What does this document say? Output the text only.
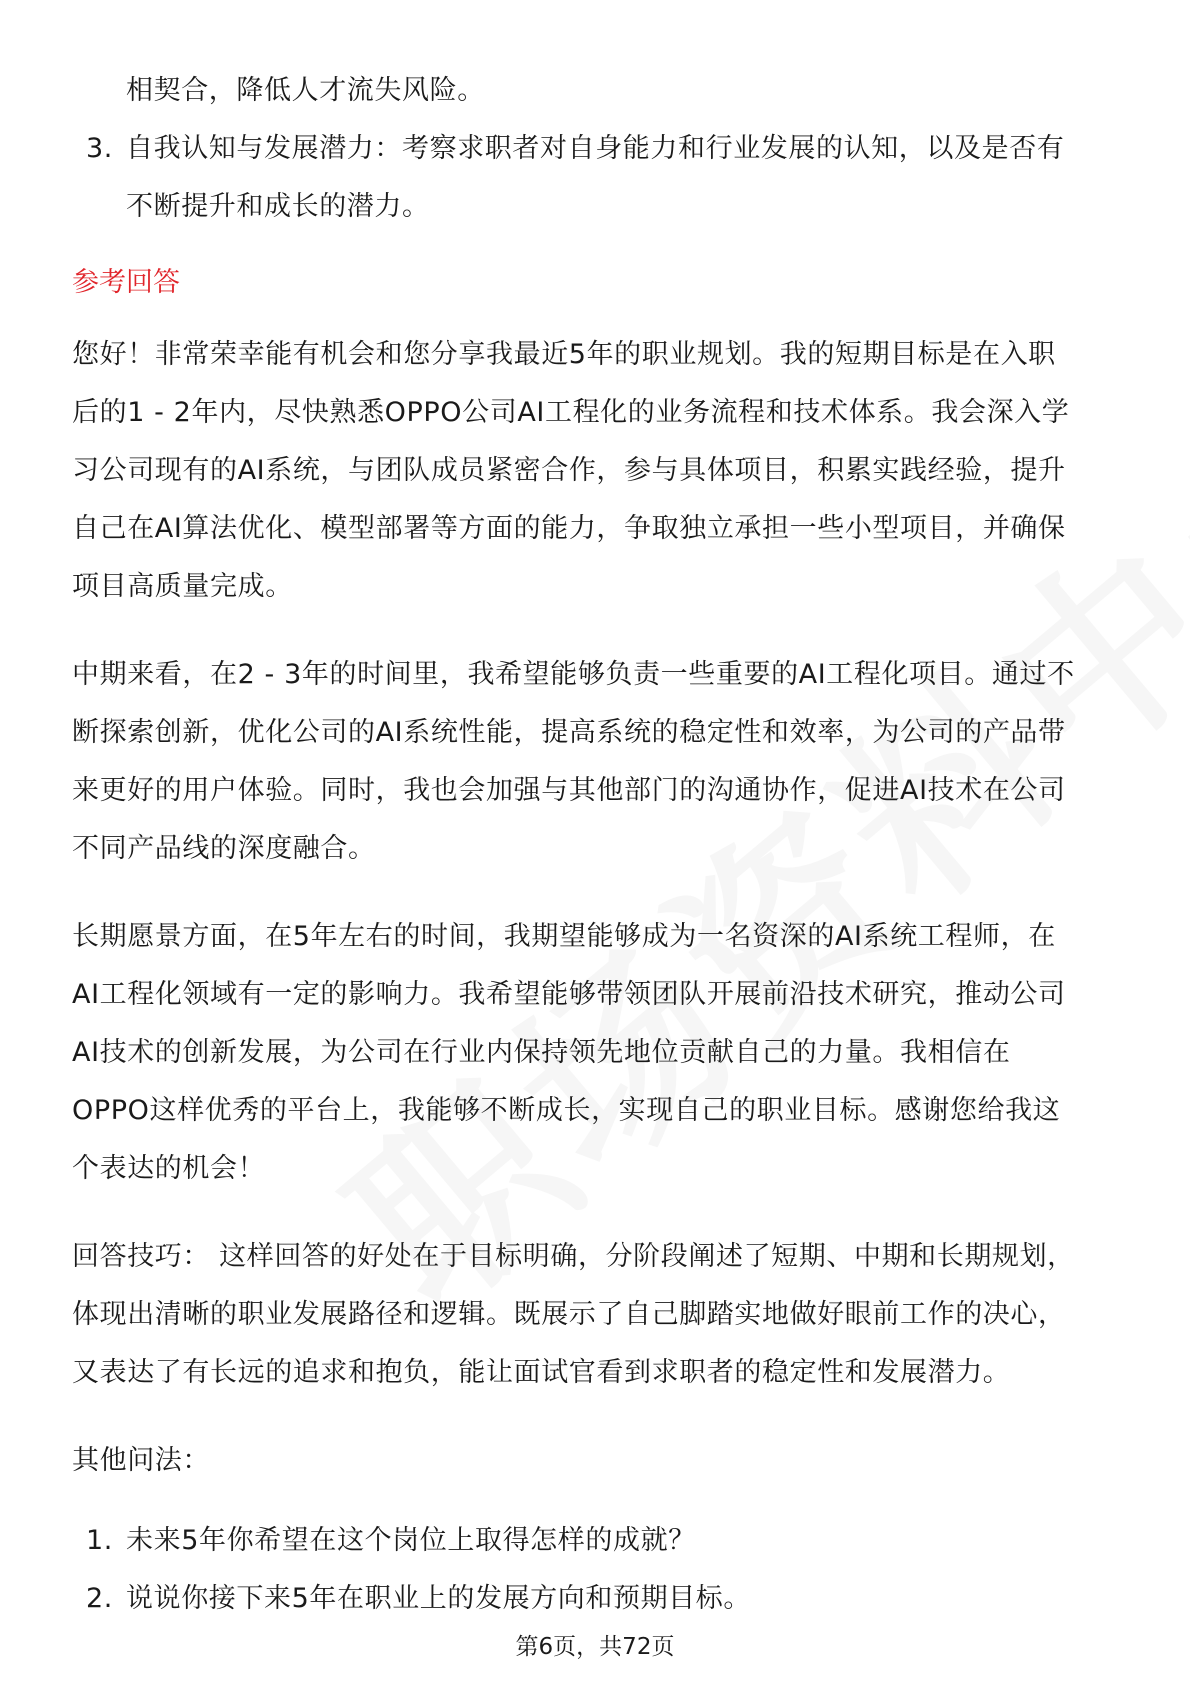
相契合，降低人才流失风险。

3. 自我认知与发展潜力：考察求职者对自身能力和行业发展的认知，以及是否有

不断提升和成长的潜力。

参考回答

您好！非常荣幸能有机会和您分享我最近5年的职业规划。我的短期目标是在入职

后的1 - 2年内，尽快熟悉OPPO公司AI工程化的业务流程和技术体系。我会深入学

习公司现有的AI系统，与团队成员紧密合作，参与具体项目，积累实践经验，提升

自己在AI算法优化、模型部署等方面的能力，争取独立承担一些小型项目，并确保

项目高质量完成。

中期来看，在2 - 3年的时间里，我希望能够负责一些重要的AI工程化项目。通过不

断探索创新，优化公司的AI系统性能，提高系统的稳定性和效率，为公司的产品带

来更好的用户体验。同时，我也会加强与其他部门的沟通协作，促进AI技术在公司

不同产品线的深度融合。

长期愿景方面，在5年左右的时间，我期望能够成为一名资深的AI系统工程师，在

AI工程化领域有一定的影响力。我希望能够带领团队开展前沿技术研究，推动公司

AI技术的创新发展，为公司在行业内保持领先地位贡献自己的力量。我相信在

OPPO这样优秀的平台上，我能够不断成长，实现自己的职业目标。感谢您给我这

个表达的机会！

回答技巧： 这样回答的好处在于目标明确，分阶段阐述了短期、中期和长期规划，

体现出清晰的职业发展路径和逻辑。既展示了自己脚踏实地做好眼前工作的决心，

又表达了有长远的追求和抱负，能让面试官看到求职者的稳定性和发展潜力。

其他问法：

1. 未来5年你希望在这个岗位上取得怎样的成就？

2. 说说你接下来5年在职业上的发展方向和预期目标。

第6页，共72页
